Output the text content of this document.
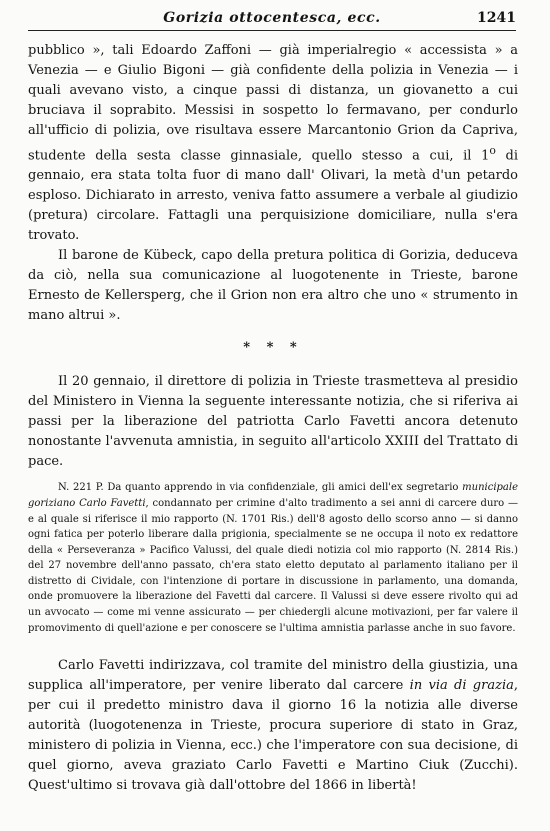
Gorizia ottocentesca, ecc.	1241

pubblico », tali Edoardo Zaffoni — già imperialregio « accessista » a Venezia — e Giulio Bigoni — già confidente della polizia in Venezia — i quali avevano visto, a cinque passi di distanza, un giovanetto a cui bruciava il soprabito. Messisi in sospetto lo fermavano, per condurlo all'ufficio di polizia, ove risultava essere Marcantonio Grion da Capriva, studente della sesta classe ginnasiale, quello stesso a cui, il 1$^o$ di gennaio, era stata tolta fuor di mano dall' Olivari, la metà d'un petardo esploso. Dichiarato in arresto, veniva fatto assumere a verbale al giudizio (pretura) circolare. Fattagli una perquisizione domiciliare, nulla s'era trovato.

Il barone de Kübeck, capo della pretura politica di Gorizia, deduceva da ciò, nella sua comunicazione al luogotenente in Trieste, barone Ernesto de Kellersperg, che il Grion non era altro che uno « strumento in mano altrui ».

* * *

Il 20 gennaio, il direttore di polizia in Trieste trasmetteva al presidio del Ministero in Vienna la seguente interessante notizia, che si riferiva ai passi per la liberazione del patriotta Carlo Favetti ancora detenuto nonostante l'avvenuta amnistia, in seguito all'articolo XXIII del Trattato di pace.

N. 221 P. Da quanto apprendo in via confidenziale, gli amici dell'ex segretario municipale goriziano Carlo Favetti, condannato per crimine d'alto tradimento a sei anni di carcere duro — e al quale si riferisce il mio rapporto (N. 1701 Ris.) dell'8 agosto dello scorso anno — si danno ogni fatica per poterlo liberare dalla prigionia, specialmente se ne occupa il noto ex redattore della « Perseveranza » Pacifico Valussi, del quale diedi notizia col mio rapporto (N. 2814 Ris.) del 27 novembre dell'anno passato, ch'era stato eletto deputato al parlamento italiano per il distretto di Cividale, con l'intenzione di portare in discussione in parlamento, una domanda, onde promuovere la liberazione del Favetti dal carcere. Il Valussi si deve essere rivolto qui ad un avvocato — come mi venne assicurato — per chiedergli alcune motivazioni, per far valere il promovimento di quell'azione e per conoscere se l'ultima amnistia parlasse anche in suo favore.

Carlo Favetti indirizzava, col tramite del ministro della giustizia, una supplica all'imperatore, per venire liberato dal carcere in via di grazia, per cui il predetto ministro dava il giorno 16 la notizia alle diverse autorità (luogotenenza in Trieste, procura superiore di stato in Graz, ministero di polizia in Vienna, ecc.) che l'imperatore con sua decisione, di quel giorno, aveva graziato Carlo Favetti e Martino Ciuk (Zucchi). Quest'ultimo si trovava già dall'ottobre del 1866 in libertà!
